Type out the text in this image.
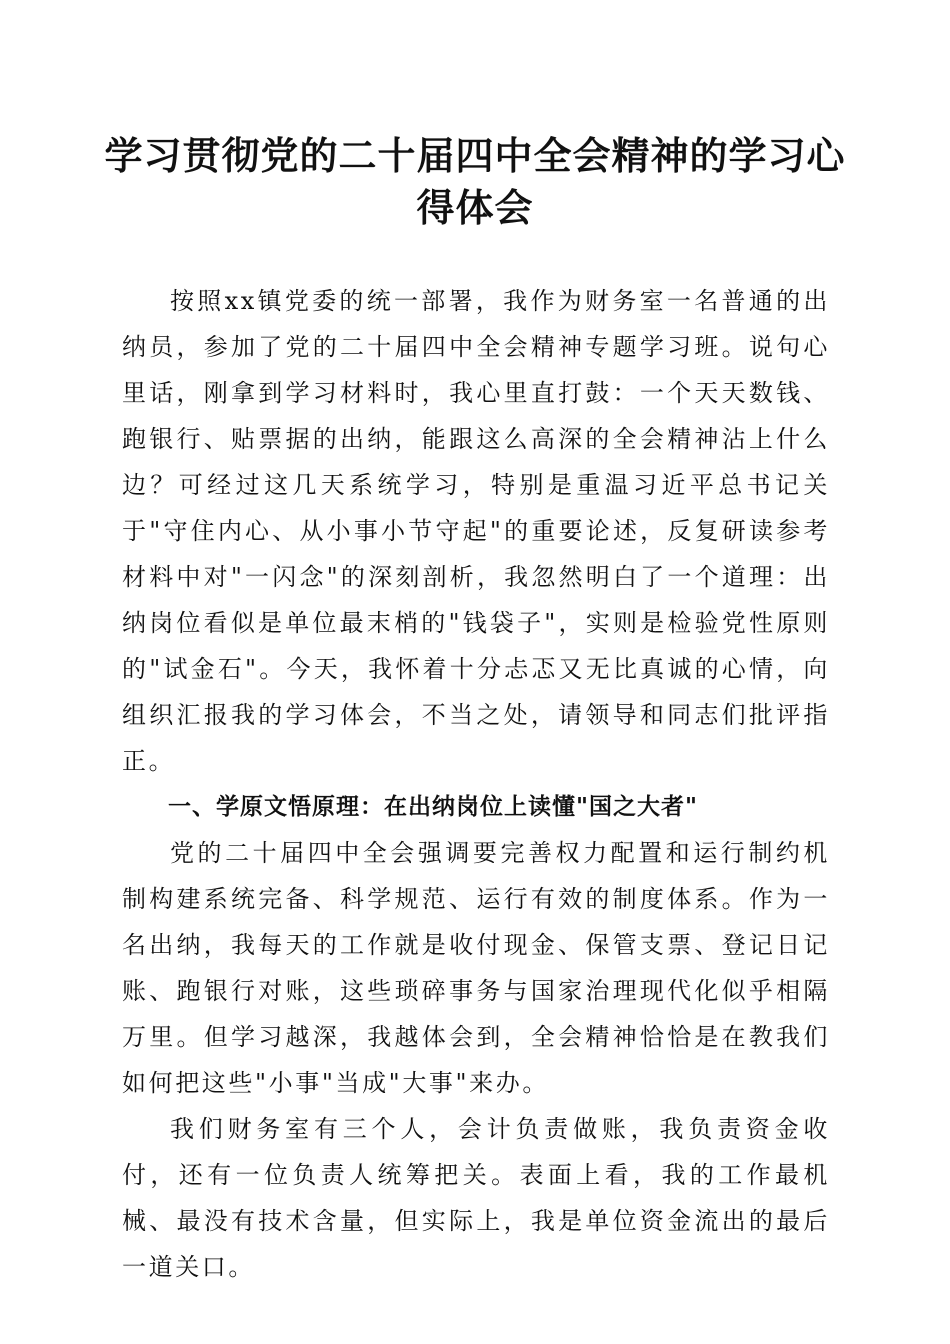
学习贯彻党的二十届四中全会精神的学习心得体会

按照xx镇党委的统一部署，我作为财务室一名普通的出纳员，参加了党的二十届四中全会精神专题学习班。说句心里话，刚拿到学习材料时，我心里直打鼓：一个天天数钱、跑银行、贴票据的出纳，能跟这么高深的全会精神沾上什么边？可经过这几天系统学习，特别是重温习近平总书记关于"守住内心、从小事小节守起"的重要论述，反复研读参考材料中对"一闪念"的深刻剖析，我忽然明白了一个道理：出纳岗位看似是单位最末梢的"钱袋子"，实则是检验党性原则的"试金石"。今天，我怀着十分忐忑又无比真诚的心情，向组织汇报我的学习体会，不当之处，请领导和同志们批评指正。

一、学原文悟原理：在出纳岗位上读懂"国之大者"

党的二十届四中全会强调要完善权力配置和运行制约机制构建系统完备、科学规范、运行有效的制度体系。作为一名出纳，我每天的工作就是收付现金、保管支票、登记日记账、跑银行对账，这些琐碎事务与国家治理现代化似乎相隔万里。但学习越深，我越体会到，全会精神恰恰是在教我们如何把这些"小事"当成"大事"来办。

我们财务室有三个人，会计负责做账，我负责资金收付，还有一位负责人统筹把关。表面上看，我的工作最机械、最没有技术含量，但实际上，我是单位资金流出的最后一道关口。
